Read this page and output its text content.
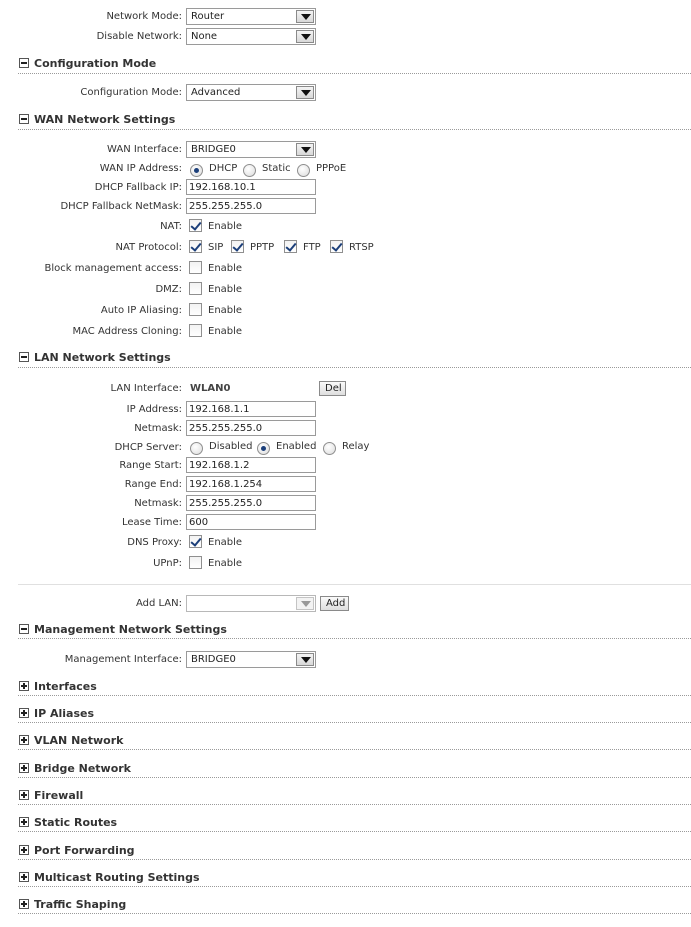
Network Mode: Router
Disable Network: None
Configuration Mode
Configuration Mode: Advanced
WAN Network Settings
WAN Interface: BRIDGE0
WAN IP Address:	DHCP Static	PPPoE
DHCP Fallback IP:
192.168.10.1
DHCP Fallback NetMask:
255.255.255.0
NAT:	Enable
NAT Protocol:	SIP	PPTP	FTP	RTSP
Block management access:	Enable
DMZ:	Enable
Auto IP Aliasing:	Enable
MAC Address Cloning:	Enable
LAN Network Settings
LAN Interface: WLAN0	Del
IP Address:
192.168.1.1
Netmask:
255.255.255.0
DHCP Server:	Disabled Enabled	Relay
Range Start:
192.168.1.2
Range End:
192.168.1.254
Netmask:
255.255.255.0
Lease Time:
600
DNS Proxy:	Enable
UPnP:	Enable
Add LAN:	Add
Management Network Settings
Management Interface: BRIDGE0
Interfaces
IP Aliases
VLAN Network
Bridge Network
Firewall
Static Routes
Port Forwarding
Multicast Routing Settings
Traffic Shaping
